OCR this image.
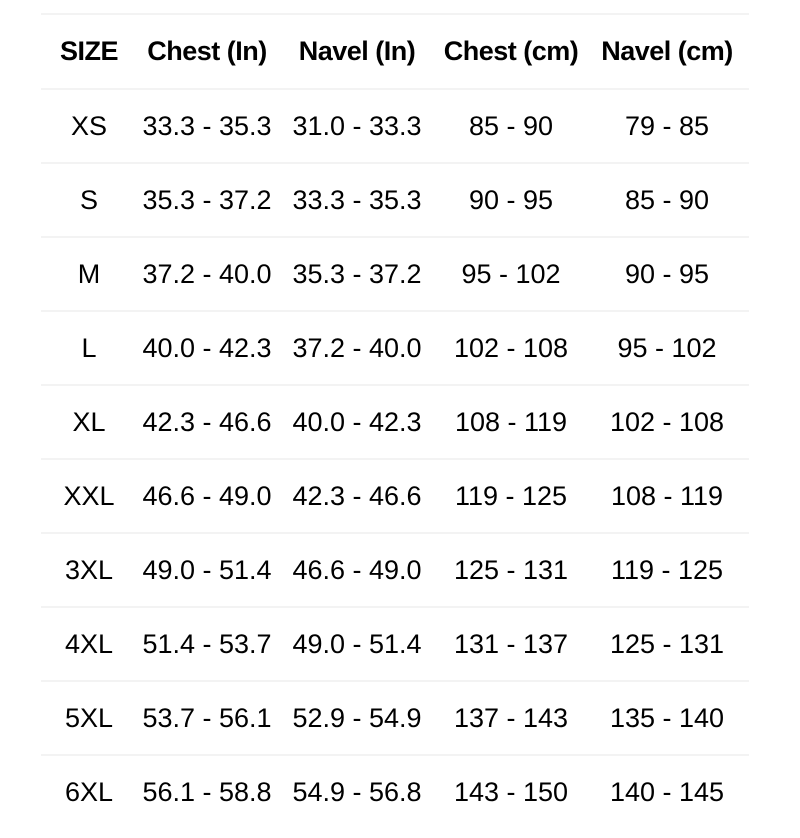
SIZE	Chest (In)	Navel (In)	Chest (cm)	Navel (cm)
XS	33.3 - 35.3	31.0 - 33.3	85 - 90	79 - 85
S	35.3 - 37.2	33.3 - 35.3	90 - 95	85 - 90
M	37.2 - 40.0	35.3 - 37.2	95 - 102	90 - 95
L	40.0 - 42.3	37.2 - 40.0	102 - 108	95 - 102
XL	42.3 - 46.6	40.0 - 42.3	108 - 119	102 - 108
XXL	46.6 - 49.0	42.3 - 46.6	119 - 125	108 - 119
3XL	49.0 - 51.4	46.6 - 49.0	125 - 131	119 - 125
4XL	51.4 - 53.7	49.0 - 51.4	131 - 137	125 - 131
5XL	53.7 - 56.1	52.9 - 54.9	137 - 143	135 - 140
6XL	56.1 - 58.8	54.9 - 56.8	143 - 150	140 - 145
